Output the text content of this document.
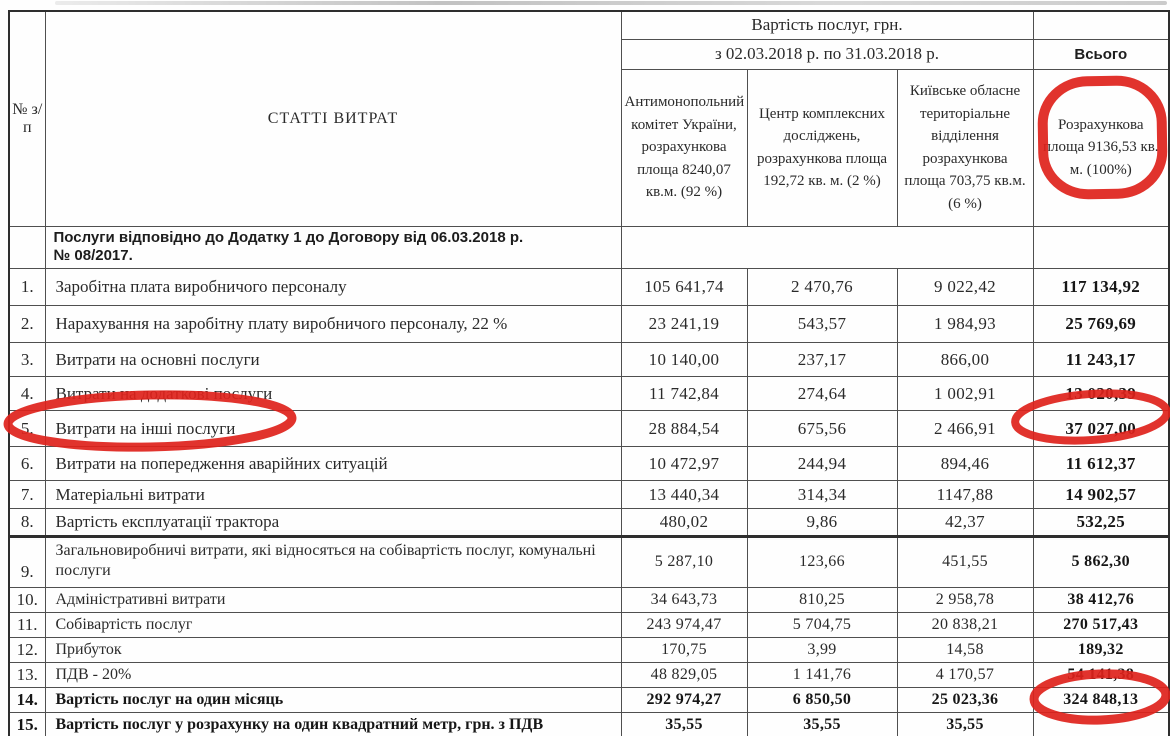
№ з/п	СТАТТІ ВИТРАТ	Вартість послуг, грн.			
		з 02.03.2018 р. по 31.03.2018 р.			Всього
		Антимонопольний комітет України, розрахункова площа 8240,07 кв.м. (92 %)	Центр комплексних досліджень, розрахункова площа 192,72 кв. м. (2 %)	Київське обласне територіальне відділення розрахункова площа 703,75 кв.м. (6 %)	Розрахункова площа 9136,53 кв. м. (100%)

	Послуги відповідно до Додатку 1 до Договору від 06.03.2018 р.
№ 08/2017.				

1.	Заробітна плата виробничого персоналу	105 641,74	2 470,76	9 022,42	117 134,92
2.	Нарахування на заробітну плату виробничого персоналу, 22 %	23 241,19	543,57	1 984,93	25 769,69
3.	Витрати на основні послуги	10 140,00	237,17	866,00	11 243,17
4.	Витрати на додаткові послуги	11 742,84	274,64	1 002,91	13 020,39
5.	Витрати на інші послуги	28 884,54	675,56	2 466,91	37 027,00
6.	Витрати на попередження аварійних ситуацій	10 472,97	244,94	894,46	11 612,37
7.	Матеріальні витрати	13 440,34	314,34	1147,88	14 902,57
8.	Вартість експлуатації трактора	480,02	9,86	42,37	532,25
9.	Загальновиробничі витрати, які відносяться на собівартість послуг, комунальні послуги	5 287,10	123,66	451,55	5 862,30
10.	Адміністративні витрати	34 643,73	810,25	2 958,78	38 412,76
11.	Собівартість послуг	243 974,47	5 704,75	20 838,21	270 517,43
12.	Прибуток	170,75	3,99	14,58	189,32
13.	ПДВ - 20%	48 829,05	1 141,76	4 170,57	54 141,38
14.	Вартість послуг на один місяць	292 974,27	6 850,50	25 023,36	324 848,13
15.	Вартість послуг у розрахунку на один квадратний метр, грн. з ПДВ	35,55	35,55	35,55	
